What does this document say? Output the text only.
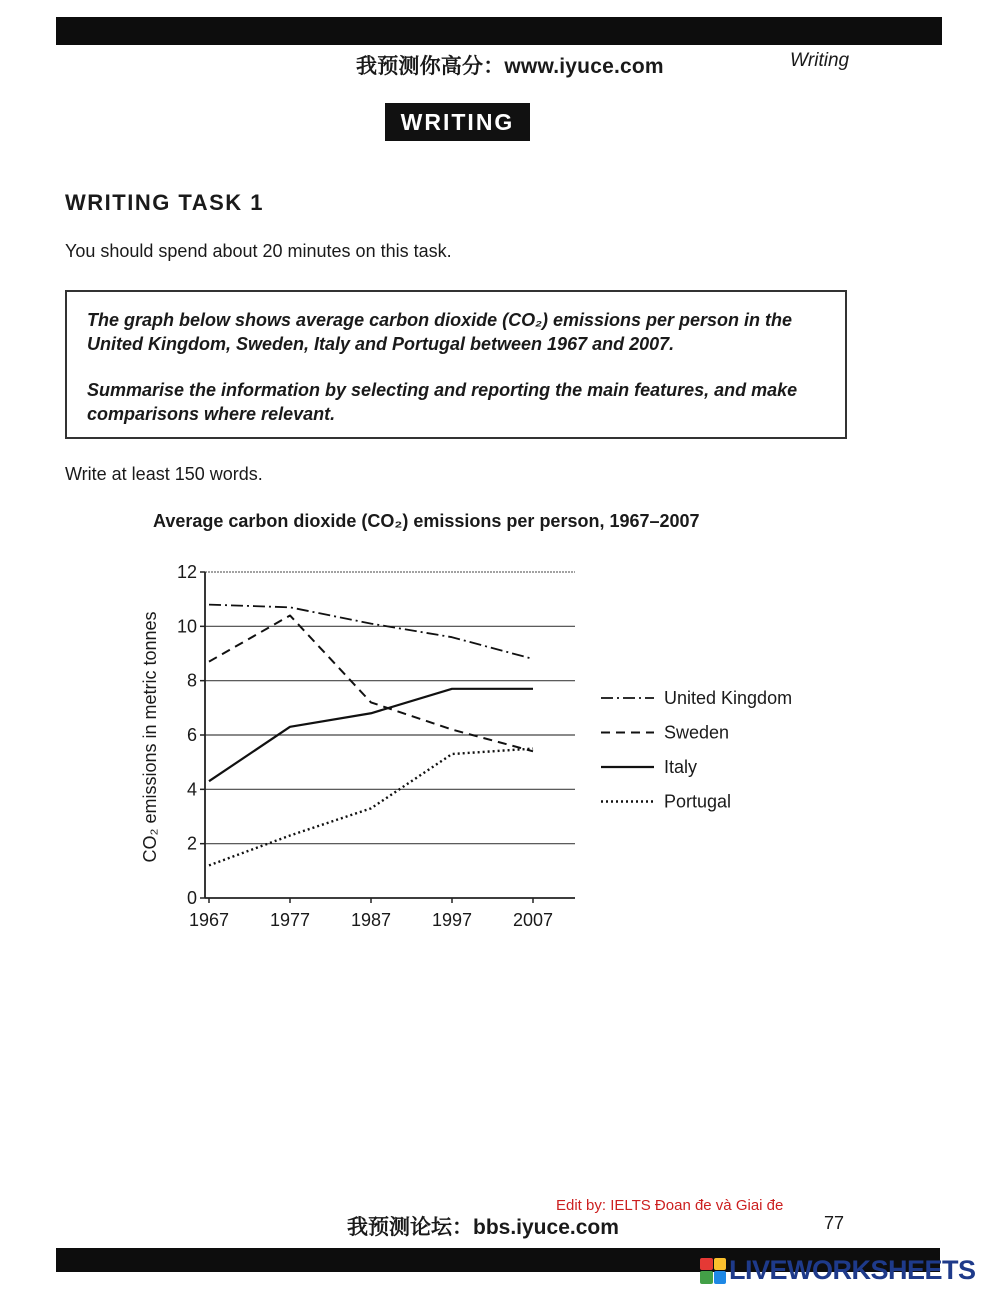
我预测你高分：www.iyuce.com	Writing
WRITING
WRITING TASK 1
You should spend about 20 minutes on this task.

The graph below shows average carbon dioxide (CO₂) emissions per person in the United Kingdom, Sweden, Italy and Portugal between 1967 and 2007.

Summarise the information by selecting and reporting the main features, and make comparisons where relevant.

Write at least 150 words.
Average carbon dioxide (CO₂) emissions per person, 1967–2007
0
2
4
6
8
10
12
1967 1977 1987 1997 2007
CO₂ emissions in metric tonnes	United Kingdom
Sweden
Italy
Portugal
Edit by: IELTS Đoan đe và Giai đe
我预测论坛：bbs.iyuce.com	77
LIVEWORKSHEETS
